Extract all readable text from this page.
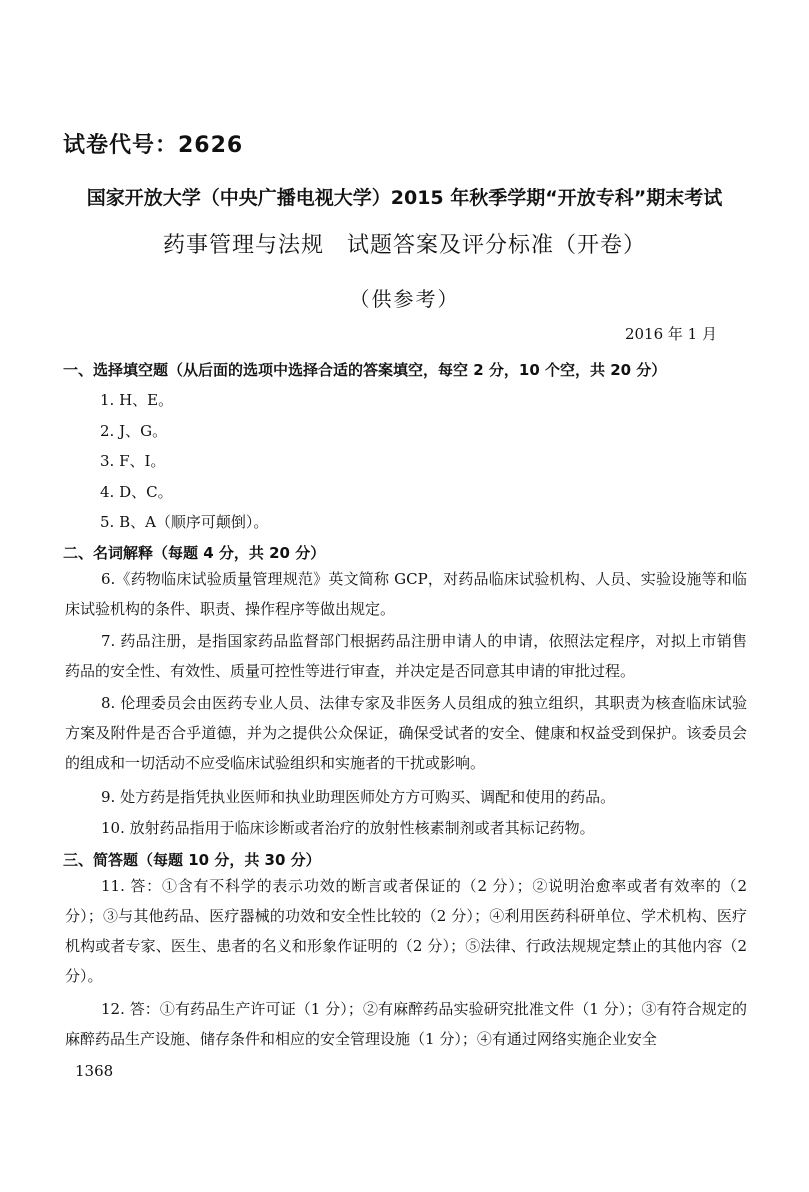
试卷代号：2626
国家开放大学（中央广播电视大学）2015 年秋季学期“开放专科”期末考试
药事管理与法规　试题答案及评分标准（开卷）
（供参考）
2016 年 1 月
一、选择填空题（从后面的选项中选择合适的答案填空，每空 2 分，10 个空，共 20 分）
1. H、E。
2. J、G。
3. F、I。
4. D、C。
5. B、A（顺序可颠倒）。
二、名词解释（每题 4 分，共 20 分）
6.《药物临床试验质量管理规范》英文简称 GCP，对药品临床试验机构、人员、实验设施等和临床试验机构的条件、职责、操作程序等做出规定。
7. 药品注册，是指国家药品监督部门根据药品注册申请人的申请，依照法定程序，对拟上市销售药品的安全性、有效性、质量可控性等进行审查，并决定是否同意其申请的审批过程。
8. 伦理委员会由医药专业人员、法律专家及非医务人员组成的独立组织，其职责为核查临床试验方案及附件是否合乎道德，并为之提供公众保证，确保受试者的安全、健康和权益受到保护。该委员会的组成和一切活动不应受临床试验组织和实施者的干扰或影响。
9. 处方药是指凭执业医师和执业助理医师处方方可购买、调配和使用的药品。
10. 放射药品指用于临床诊断或者治疗的放射性核素制剂或者其标记药物。
三、简答题（每题 10 分，共 30 分）
11. 答：①含有不科学的表示功效的断言或者保证的（2 分）；②说明治愈率或者有效率的（2 分）；③与其他药品、医疗器械的功效和安全性比较的（2 分）；④利用医药科研单位、学术机构、医疗机构或者专家、医生、患者的名义和形象作证明的（2 分）；⑤法律、行政法规规定禁止的其他内容（2 分）。
12. 答：①有药品生产许可证（1 分）；②有麻醉药品实验研究批准文件（1 分）；③有符合规定的麻醉药品生产设施、储存条件和相应的安全管理设施（1 分）；④有通过网络实施企业安全
1368
